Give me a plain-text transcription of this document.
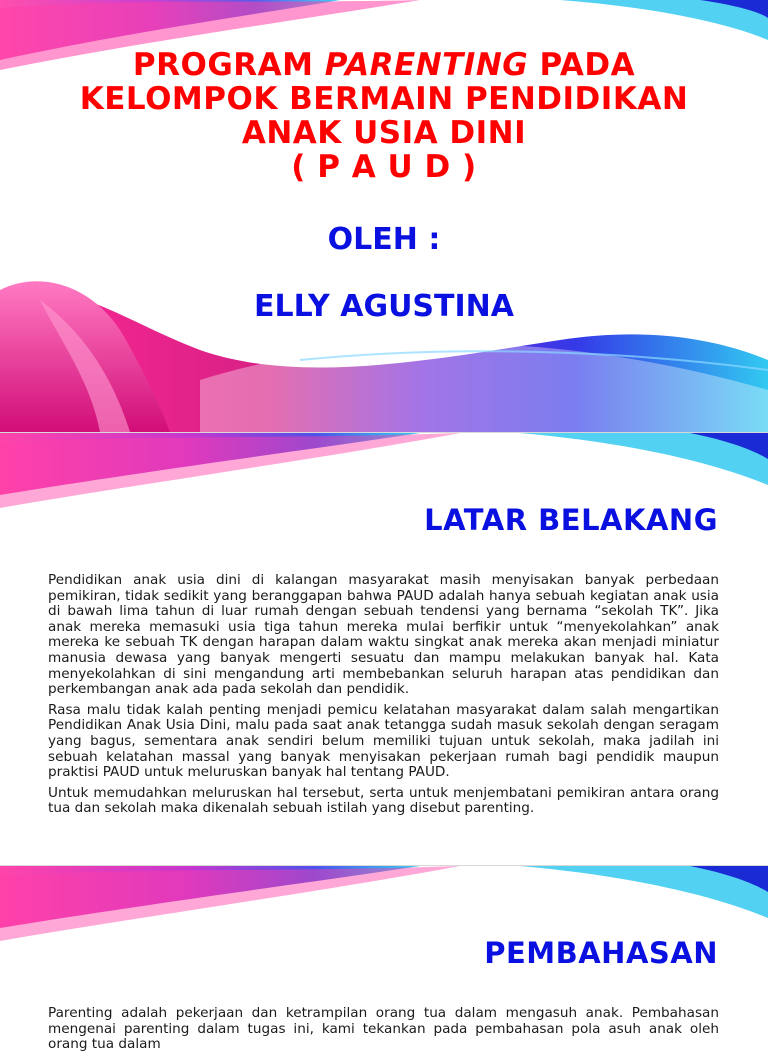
PROGRAM PARENTING PADA
KELOMPOK BERMAIN PENDIDIKAN
ANAK USIA DINI
( P A U D )
OLEH :
ELLY AGUSTINA
LATAR BELAKANG

Pendidikan anak usia dini di kalangan masyarakat masih menyisakan banyak perbedaan pemikiran, tidak sedikit yang beranggapan bahwa PAUD adalah hanya sebuah kegiatan anak usia di bawah lima tahun di luar rumah dengan sebuah tendensi yang bernama “sekolah TK”. Jika anak mereka memasuki usia tiga tahun mereka mulai berfikir untuk “menyekolahkan” anak mereka ke sebuah TK dengan harapan dalam waktu singkat anak mereka akan menjadi miniatur manusia dewasa yang banyak mengerti sesuatu dan mampu melakukan banyak hal. Kata menyekolahkan di sini mengandung arti membebankan seluruh harapan atas pendidikan dan perkembangan anak ada pada sekolah dan pendidik.

Rasa malu tidak kalah penting menjadi pemicu kelatahan masyarakat dalam salah mengartikan Pendidikan Anak Usia Dini, malu pada saat anak tetangga sudah masuk sekolah dengan seragam yang bagus, sementara anak sendiri belum memiliki tujuan untuk sekolah, maka jadilah ini sebuah kelatahan massal yang banyak menyisakan pekerjaan rumah bagi pendidik maupun praktisi PAUD untuk meluruskan banyak hal tentang PAUD.

Untuk memudahkan meluruskan hal tersebut, serta untuk menjembatani pemikiran antara orang tua dan sekolah maka dikenalah sebuah istilah yang disebut parenting.

PEMBAHASAN

Parenting adalah pekerjaan dan ketrampilan orang tua dalam mengasuh anak. Pembahasan mengenai parenting dalam tugas ini, kami tekankan pada pembahasan pola asuh anak oleh orang tua dalam
